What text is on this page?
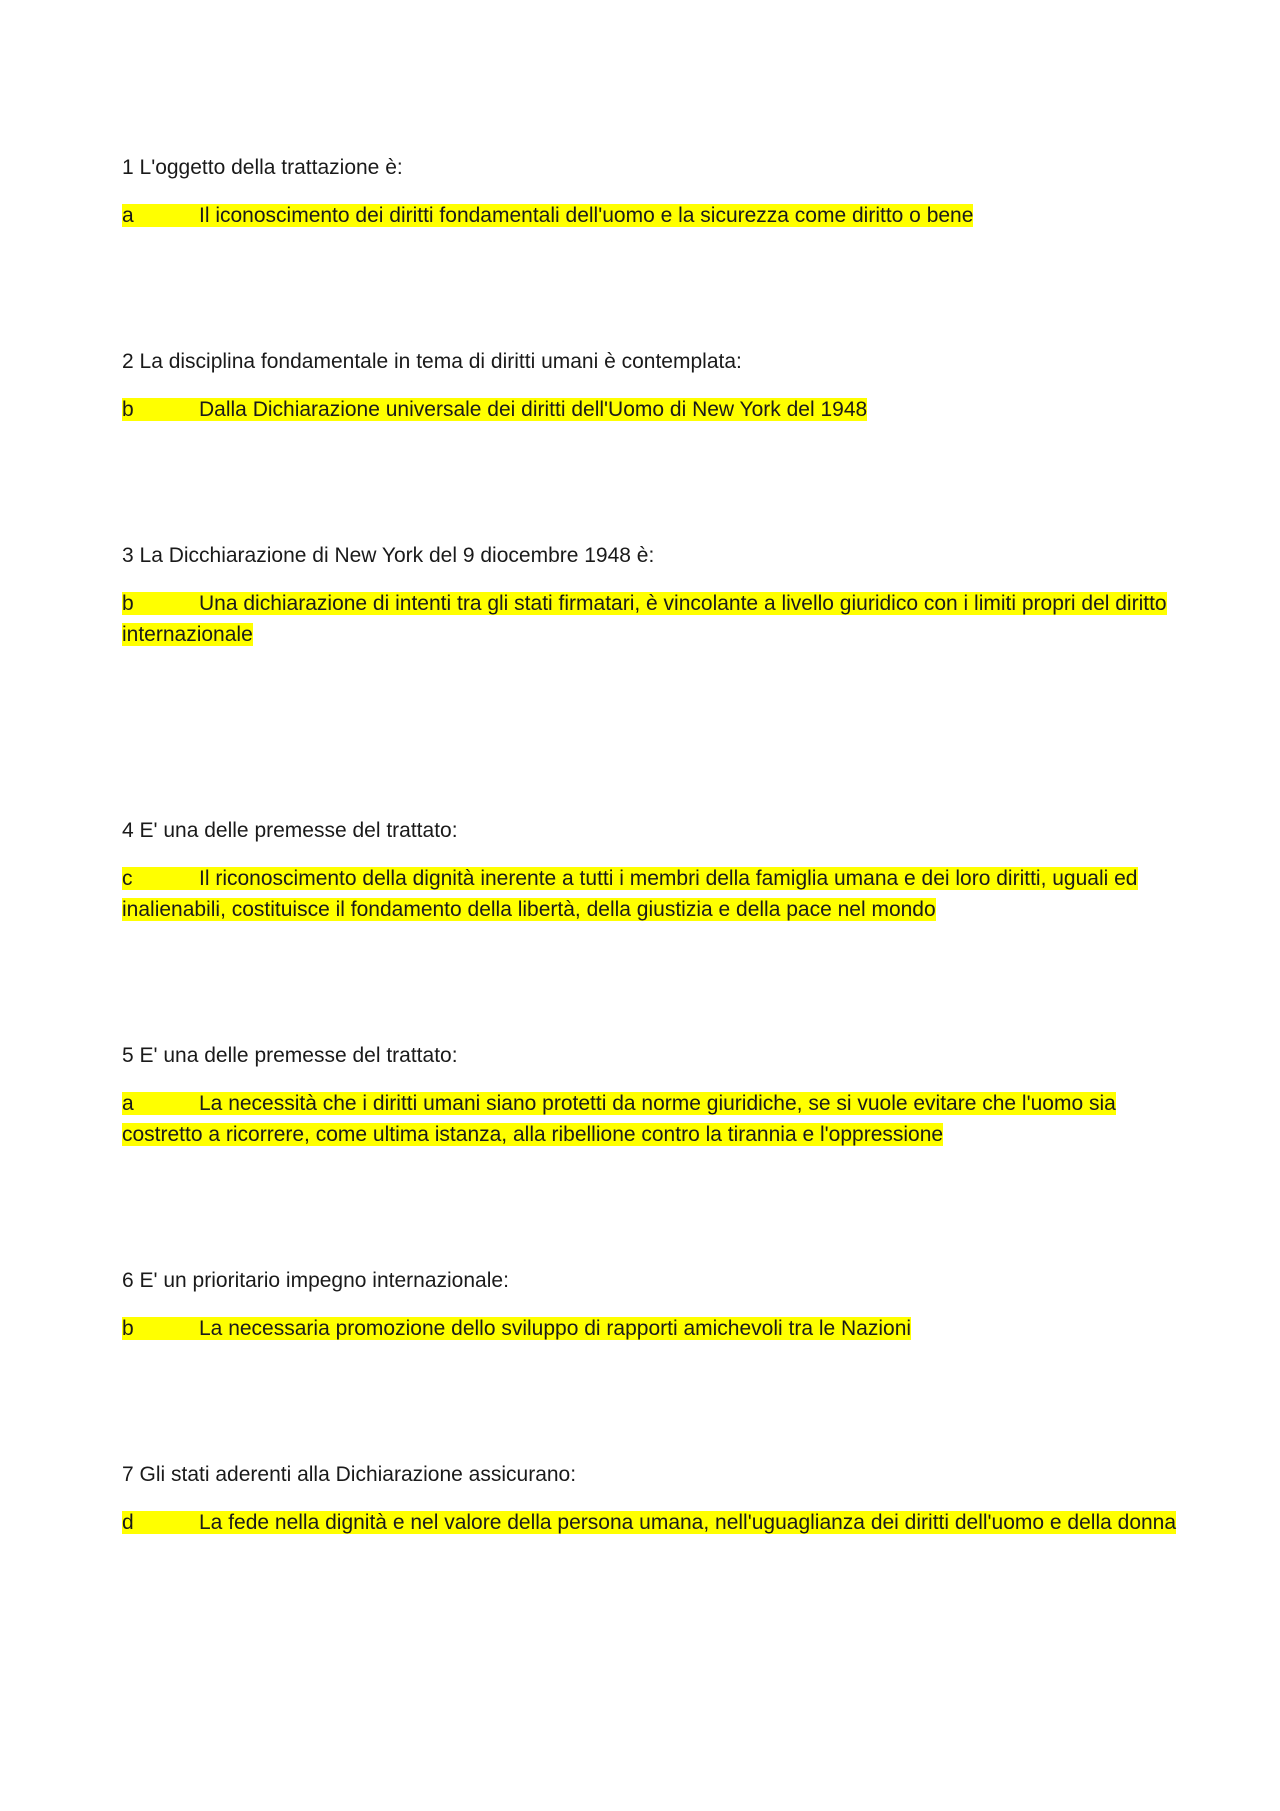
1 L'oggetto della trattazione è:

a	Il iconoscimento dei diritti fondamentali dell'uomo e la sicurezza come diritto o bene

2 La disciplina fondamentale in tema di diritti umani è contemplata:

b	Dalla Dichiarazione universale dei diritti dell'Uomo di New York del 1948

3 La Dicchiarazione di New York del 9 diocembre 1948 è:

b	Una dichiarazione di intenti tra gli stati firmatari, è vincolante a livello giuridico con i limiti propri del diritto internazionale

4 E' una delle premesse del trattato:

c	Il riconoscimento della dignità inerente a tutti i membri della famiglia umana e dei loro diritti, uguali ed inalienabili, costituisce il fondamento della libertà, della giustizia e della pace nel mondo

5 E' una delle premesse del trattato:

a	La necessità che i diritti umani siano protetti da norme giuridiche, se si vuole evitare che l'uomo sia costretto a ricorrere, come ultima istanza, alla ribellione contro la tirannia e l'oppressione

6 E' un prioritario impegno internazionale:

b	La necessaria promozione dello sviluppo di rapporti amichevoli tra le Nazioni

7 Gli stati aderenti alla Dichiarazione assicurano:

d	La fede nella dignità e nel valore della persona umana, nell'uguaglianza dei diritti dell'uomo e della donna
